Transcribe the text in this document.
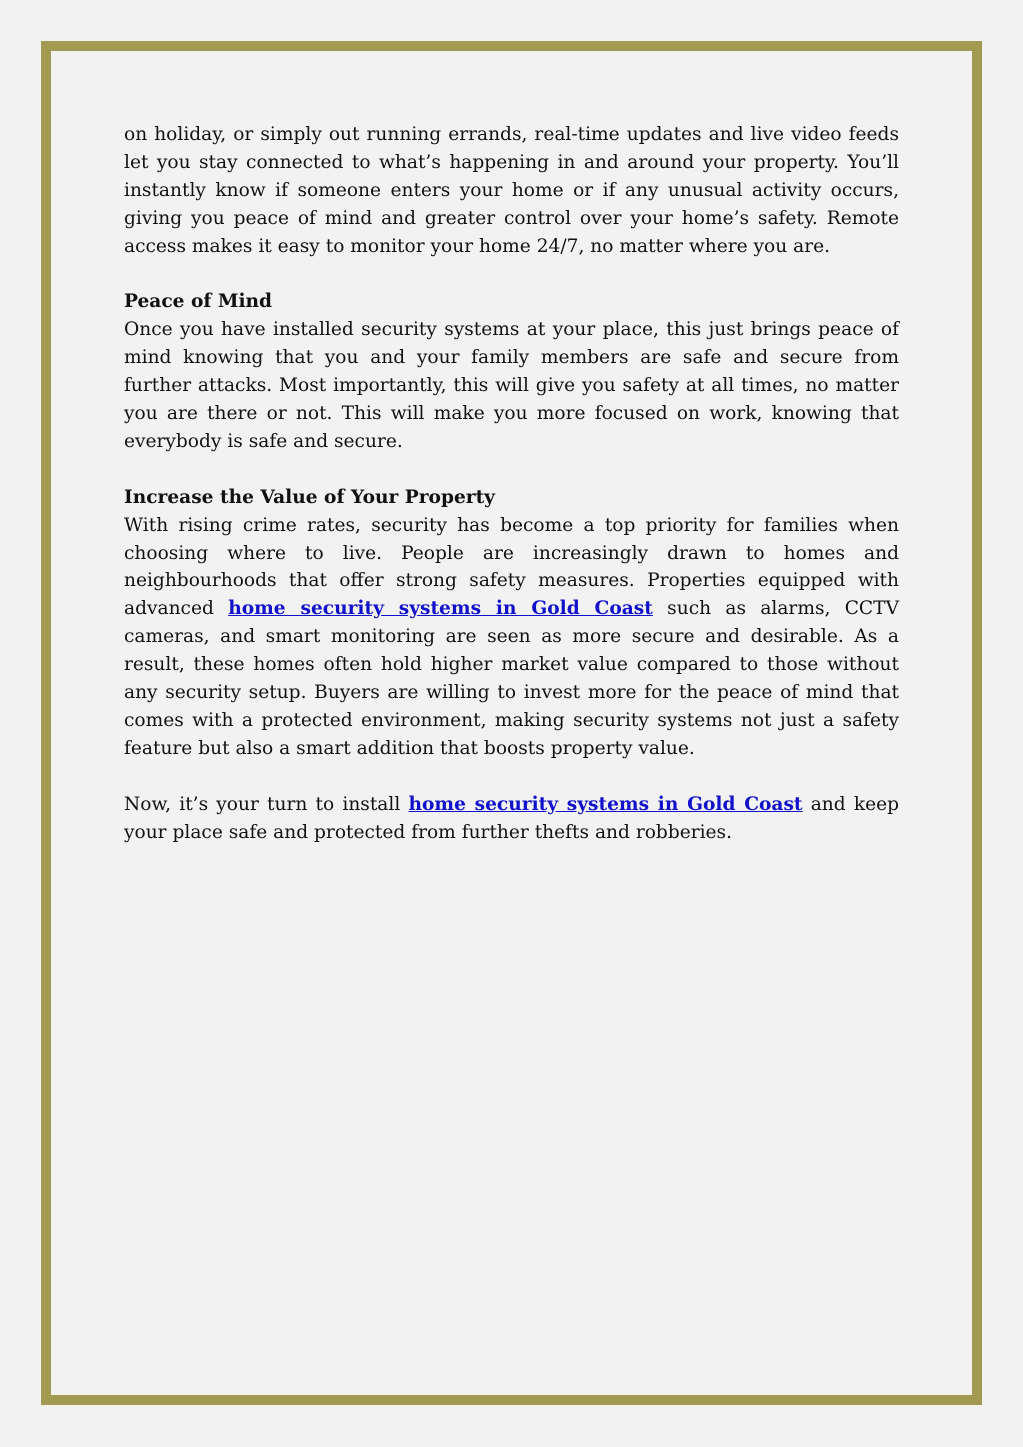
on holiday, or simply out running errands, real-time updates and live video feeds let you stay connected to what’s happening in and around your property. You’ll instantly know if someone enters your home or if any unusual activity occurs, giving you peace of mind and greater control over your home’s safety. Remote access makes it easy to monitor your home 24/7, no matter where you are.

Peace of Mind

Once you have installed security systems at your place, this just brings peace of mind knowing that you and your family members are safe and secure from further attacks. Most importantly, this will give you safety at all times, no matter you are there or not. This will make you more focused on work, knowing that everybody is safe and secure.

Increase the Value of Your Property

With rising crime rates, security has become a top priority for families when choosing where to live. People are increasingly drawn to homes and neighbourhoods that offer strong safety measures. Properties equipped with advanced home security systems in Gold Coast such as alarms, CCTV cameras, and smart monitoring are seen as more secure and desirable. As a result, these homes often hold higher market value compared to those without any security setup. Buyers are willing to invest more for the peace of mind that comes with a protected environment, making security systems not just a safety feature but also a smart addition that boosts property value.

Now, it’s your turn to install home security systems in Gold Coast and keep your place safe and protected from further thefts and robberies.
